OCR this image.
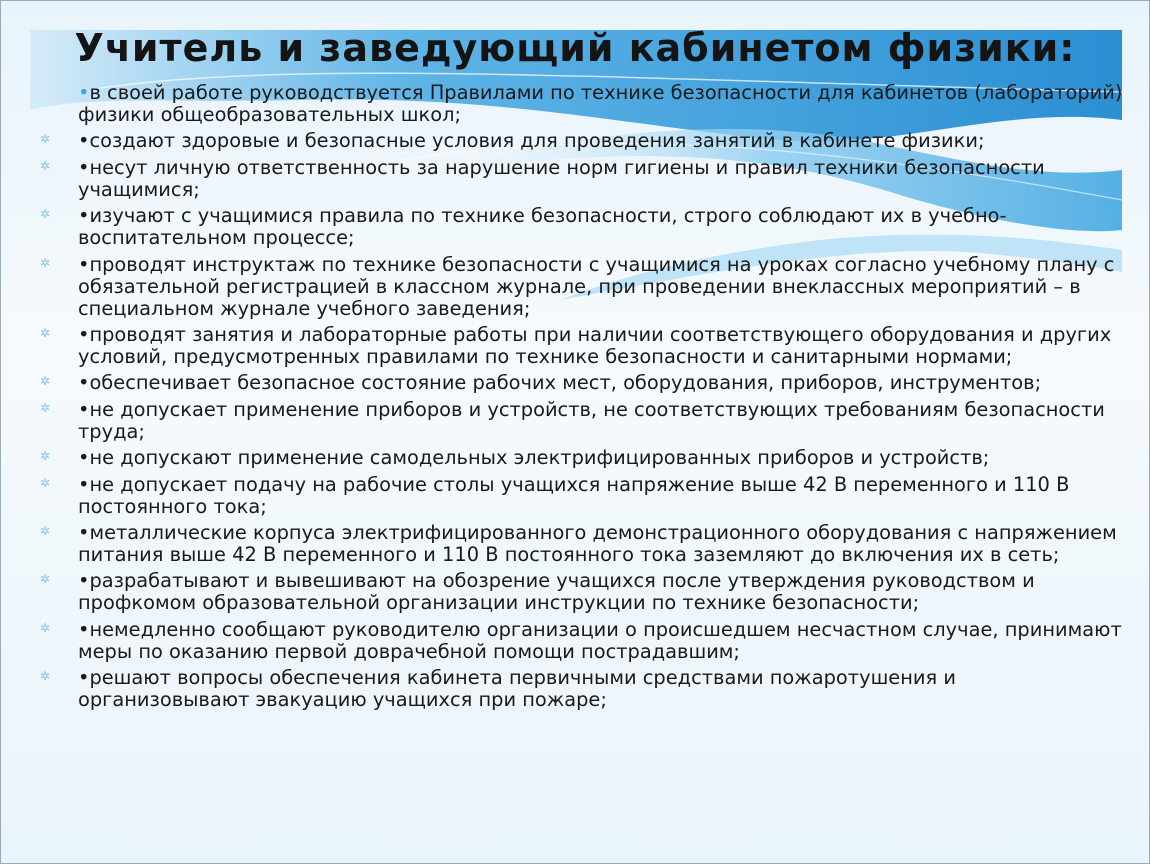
Учитель и заведующий кабинетом физики:
•в своей работе руководствуется Правилами по технике безопасности для кабинетов (лабораторий) физики общеобразовательных школ;
✲ •создают здоровые и безопасные условия для проведения занятий в кабинете физики;
✲ •несут личную ответственность за нарушение норм гигиены и правил техники безопасности учащимися;
✲ •изучают с учащимися правила по технике безопасности, строго соблюдают их в учебно-воспитательном процессе;
✲ •проводят инструктаж по технике безопасности с учащимися на уроках согласно учебному плану с обязательной регистрацией в классном журнале, при проведении внеклассных мероприятий – в специальном журнале учебного заведения;
✲ •проводят занятия и лабораторные работы при наличии соответствующего оборудования и других условий, предусмотренных правилами по технике безопасности и санитарными нормами;
✲ •обеспечивает безопасное состояние рабочих мест, оборудования, приборов, инструментов;
✲ •не допускает применение приборов и устройств, не соответствующих требованиям безопасности труда;
✲ •не допускают применение самодельных электрифицированных приборов и устройств;
✲ •не допускает подачу на рабочие столы учащихся напряжение выше 42 В переменного и 110 В постоянного тока;
✲ •металлические корпуса электрифицированного демонстрационного оборудования с напряжением питания выше 42 В переменного и 110 В постоянного тока заземляют до включения их в сеть;
✲ •разрабатывают и вывешивают на обозрение учащихся после утверждения руководством и профкомом образовательной организации инструкции по технике безопасности;
✲ •немедленно сообщают руководителю организации о происшедшем несчастном случае, принимают меры по оказанию первой доврачебной помощи пострадавшим;
✲ •решают вопросы обеспечения кабинета первичными средствами пожаротушения и организовывают эвакуацию учащихся при пожаре;
